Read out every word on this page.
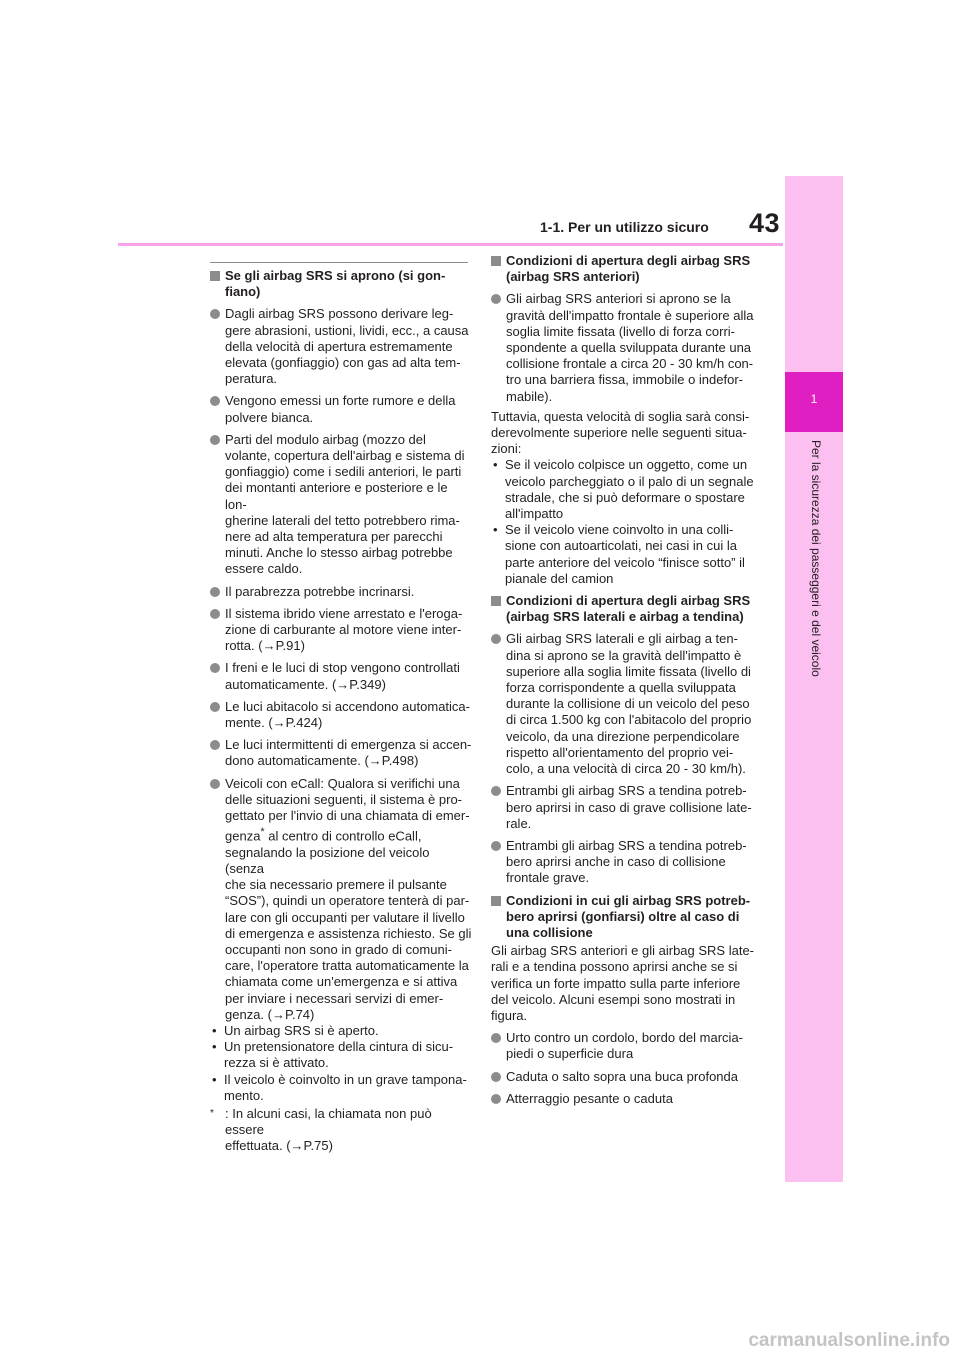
1
Per la sicurezza dei passeggeri e del veicolo
1-1. Per un utilizzo sicuro	43

Se gli airbag SRS si aprono (si gon-
fiano)

Dagli airbag SRS possono derivare leg-
gere abrasioni, ustioni, lividi, ecc., a causa
della velocità di apertura estremamente
elevata (gonfiaggio) con gas ad alta tem-
peratura.

Vengono emessi un forte rumore e della
polvere bianca.

Parti del modulo airbag (mozzo del
volante, copertura dell'airbag e sistema di
gonfiaggio) come i sedili anteriori, le parti
dei montanti anteriore e posteriore e le lon-
gherine laterali del tetto potrebbero rima-
nere ad alta temperatura per parecchi
minuti. Anche lo stesso airbag potrebbe
essere caldo.

Il parabrezza potrebbe incrinarsi.

Il sistema ibrido viene arrestato e l'eroga-
zione di carburante al motore viene inter-
rotta. (→P.91)

I freni e le luci di stop vengono controllati
automaticamente. (→P.349)

Le luci abitacolo si accendono automatica-
mente. (→P.424)

Le luci intermittenti di emergenza si accen-
dono automaticamente. (→P.498)

Veicoli con eCall: Qualora si verifichi una
delle situazioni seguenti, il sistema è pro-
gettato per l'invio di una chiamata di emer-
genza* al centro di controllo eCall,
segnalando la posizione del veicolo (senza
che sia necessario premere il pulsante
“SOS”), quindi un operatore tenterà di par-
lare con gli occupanti per valutare il livello
di emergenza e assistenza richiesto. Se gli
occupanti non sono in grado di comuni-
care, l'operatore tratta automaticamente la
chiamata come un'emergenza e si attiva
per inviare i necessari servizi di emer-
genza. (→P.74)

• Un airbag SRS si è aperto.

• Un pretensionatore della cintura di sicu-
rezza si è attivato.

• Il veicolo è coinvolto in un grave tampona-
mento.

* : In alcuni casi, la chiamata non può essere
effettuata. (→P.75)

Condizioni di apertura degli airbag SRS
(airbag SRS anteriori)

Gli airbag SRS anteriori si aprono se la
gravità dell'impatto frontale è superiore alla
soglia limite fissata (livello di forza corri-
spondente a quella sviluppata durante una
collisione frontale a circa 20 - 30 km/h con-
tro una barriera fissa, immobile o indefor-
mabile).

Tuttavia, questa velocità di soglia sarà consi-
derevolmente superiore nelle seguenti situa-
zioni:

• Se il veicolo colpisce un oggetto, come un
veicolo parcheggiato o il palo di un segnale
stradale, che si può deformare o spostare
all'impatto

• Se il veicolo viene coinvolto in una colli-
sione con autoarticolati, nei casi in cui la
parte anteriore del veicolo “finisce sotto” il
pianale del camion

Condizioni di apertura degli airbag SRS
(airbag SRS laterali e airbag a tendina)

Gli airbag SRS laterali e gli airbag a ten-
dina si aprono se la gravità dell'impatto è
superiore alla soglia limite fissata (livello di
forza corrispondente a quella sviluppata
durante la collisione di un veicolo del peso
di circa 1.500 kg con l'abitacolo del proprio
veicolo, da una direzione perpendicolare
rispetto all'orientamento del proprio vei-
colo, a una velocità di circa 20 - 30 km/h).

Entrambi gli airbag SRS a tendina potreb-
bero aprirsi in caso di grave collisione late-
rale.

Entrambi gli airbag SRS a tendina potreb-
bero aprirsi anche in caso di collisione
frontale grave.

Condizioni in cui gli airbag SRS potreb-
bero aprirsi (gonfiarsi) oltre al caso di
una collisione

Gli airbag SRS anteriori e gli airbag SRS late-
rali e a tendina possono aprirsi anche se si
verifica un forte impatto sulla parte inferiore
del veicolo. Alcuni esempi sono mostrati in
figura.

Urto contro un cordolo, bordo del marcia-
piedi o superficie dura

Caduta o salto sopra una buca profonda

Atterraggio pesante o caduta

carmanualsonline.info
